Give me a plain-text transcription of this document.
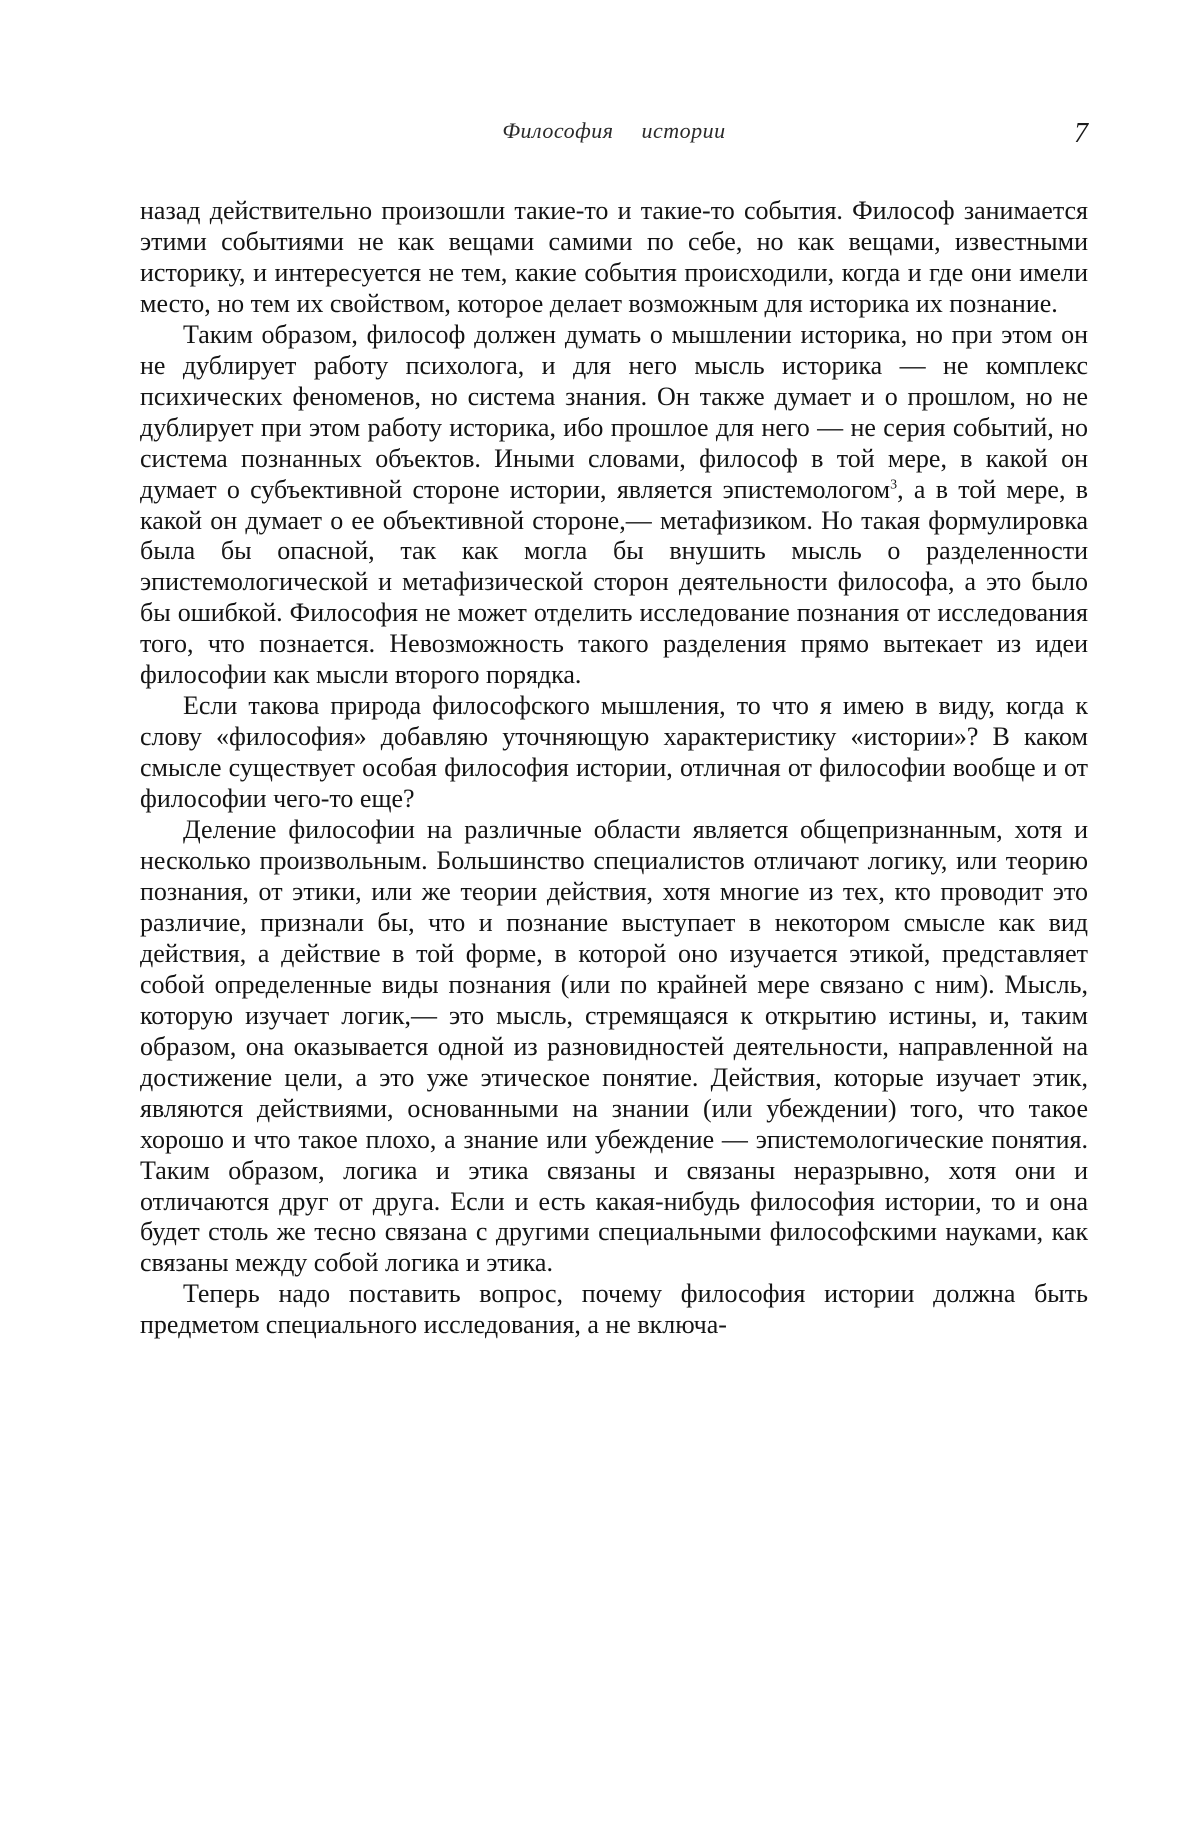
Философия истории	7

назад действительно произошли такие-то и такие-то события. Философ занимается этими событиями не как вещами самими по себе, но как вещами, известными историку, и интересуется не тем, какие события происходили, когда и где они имели место, но тем их свойством, которое делает возможным для историка их познание.

Таким образом, философ должен думать о мышлении историка, но при этом он не дублирует работу психолога, и для него мысль историка — не комплекс психических феноменов, но система знания. Он также думает и о прошлом, но не дублирует при этом работу историка, ибо прошлое для него — не серия событий, но система познанных объектов. Иными словами, философ в той мере, в какой он думает о субъективной стороне истории, является эпистемологом$^3$, а в той мере, в какой он думает о ее объективной стороне,— метафизиком. Но такая формулировка была бы опасной, так как могла бы внушить мысль о разделенности эпистемологической и метафизической сторон деятельности философа, а это было бы ошибкой. Философия не может отделить исследование познания от исследования того, что познается. Невозможность такого разделения прямо вытекает из идеи философии как мысли второго порядка.

Если такова природа философского мышления, то что я имею в виду, когда к слову «философия» добавляю уточняющую характеристику «истории»? В каком смысле существует особая философия истории, отличная от философии вообще и от философии чего-то еще?

Деление философии на различные области является общепризнанным, хотя и несколько произвольным. Большинство специалистов отличают логику, или теорию познания, от этики, или же теории действия, хотя многие из тех, кто проводит это различие, признали бы, что и познание выступает в некотором смысле как вид действия, а действие в той форме, в которой оно изучается этикой, представляет собой определенные виды познания (или по крайней мере связано с ним). Мысль, которую изучает логик,— это мысль, стремящаяся к открытию истины, и, таким образом, она оказывается одной из разновидностей деятельности, направленной на достижение цели, а это уже этическое понятие. Действия, которые изучает этик, являются действиями, основанными на знании (или убеждении) того, что такое хорошо и что такое плохо, а знание или убеждение — эпистемологические понятия. Таким образом, логика и этика связаны и связаны неразрывно, хотя они и отличаются друг от друга. Если и есть какая-нибудь философия истории, то и она будет столь же тесно связана с другими специальными философскими науками, как связаны между собой логика и этика.

Теперь надо поставить вопрос, почему философия истории должна быть предметом специального исследования, а не включа-
